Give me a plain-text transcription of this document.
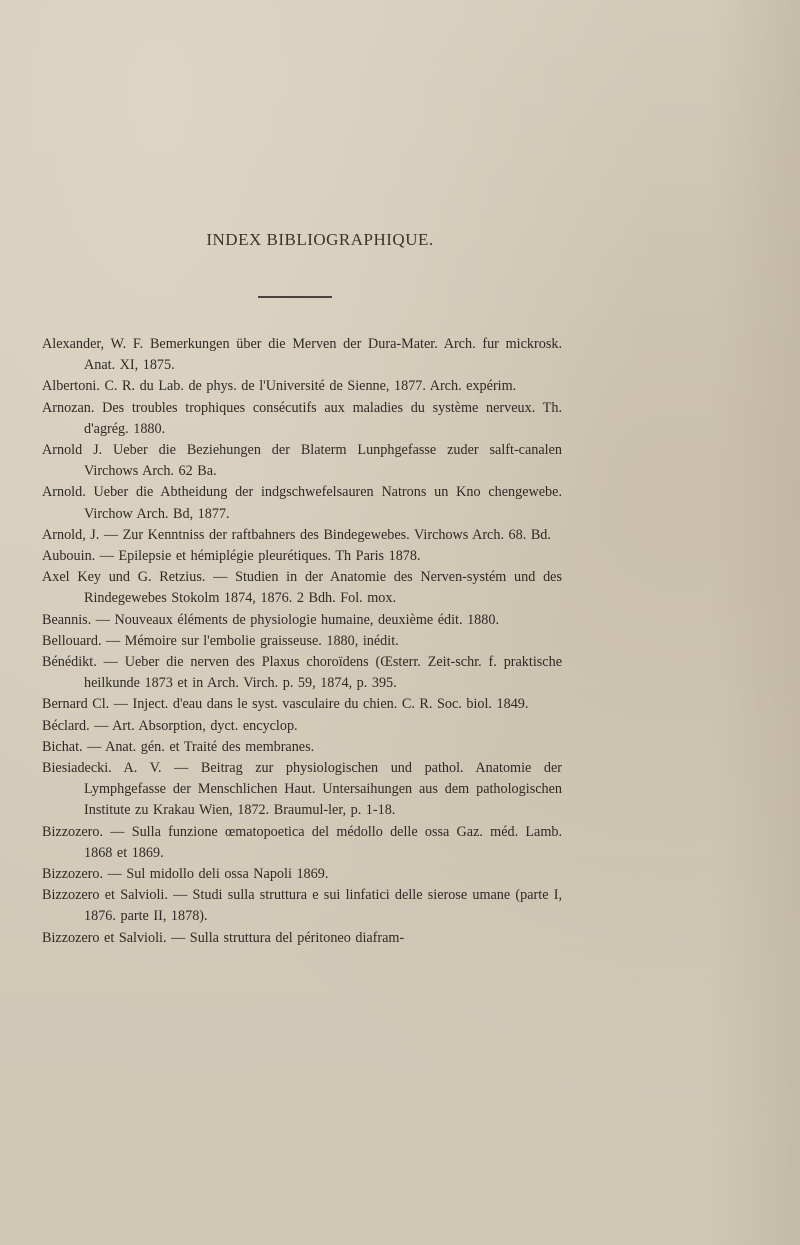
INDEX BIBLIOGRAPHIQUE.

Alexander, W. F. Bemerkungen über die Merven der Dura-Mater. Arch. fur mickrosk. Anat. XI, 1875.

Albertoni. C. R. du Lab. de phys. de l'Université de Sienne, 1877. Arch. expérim.

Arnozan. Des troubles trophiques consécutifs aux maladies du système nerveux. Th. d'agrég. 1880.

Arnold J. Ueber die Beziehungen der Blaterm Lunphgefasse zuder salft-canalen Virchows Arch. 62 Ba.

Arnold. Ueber die Abtheidung der indgschwefelsauren Natrons un Kno chengewebe. Virchow Arch. Bd, 1877.

Arnold, J. — Zur Kenntniss der raftbahners des Bindegewebes. Virchows Arch. 68. Bd.

Aubouin. — Epilepsie et hémiplégie pleurétiques. Th Paris 1878.

Axel Key und G. Retzius. — Studien in der Anatomie des Nerven-systém und des Rindegewebes Stokolm 1874, 1876. 2 Bdh. Fol. mox.

Beannis. — Nouveaux éléments de physiologie humaine, deuxième édit. 1880.

Bellouard. — Mémoire sur l'embolie graisseuse. 1880, inédit.

Bénédikt. — Ueber die nerven des Plaxus choroïdens (Œsterr. Zeit-schr. f. praktische heilkunde 1873 et in Arch. Virch. p. 59, 1874, p. 395.

Bernard Cl. — Inject. d'eau dans le syst. vasculaire du chien. C. R. Soc. biol. 1849.

Béclard. — Art. Absorption, dyct. encyclop.

Bichat. — Anat. gén. et Traité des membranes.

Biesiadecki. A. V. — Beitrag zur physiologischen und pathol. Anatomie der Lymphgefasse der Menschlichen Haut. Untersaihungen aus dem pathologischen Institute zu Krakau Wien, 1872. Braumul-ler, p. 1-18.

Bizzozero. — Sulla funzione œmatopoetica del médollo delle ossa Gaz. méd. Lamb. 1868 et 1869.

Bizzozero. — Sul midollo deli ossa Napoli 1869.

Bizzozero et Salvioli. — Studi sulla struttura e sui linfatici delle sierose umane (parte I, 1876. parte II, 1878).

Bizzozero et Salvioli. — Sulla struttura del péritoneo diafram-
